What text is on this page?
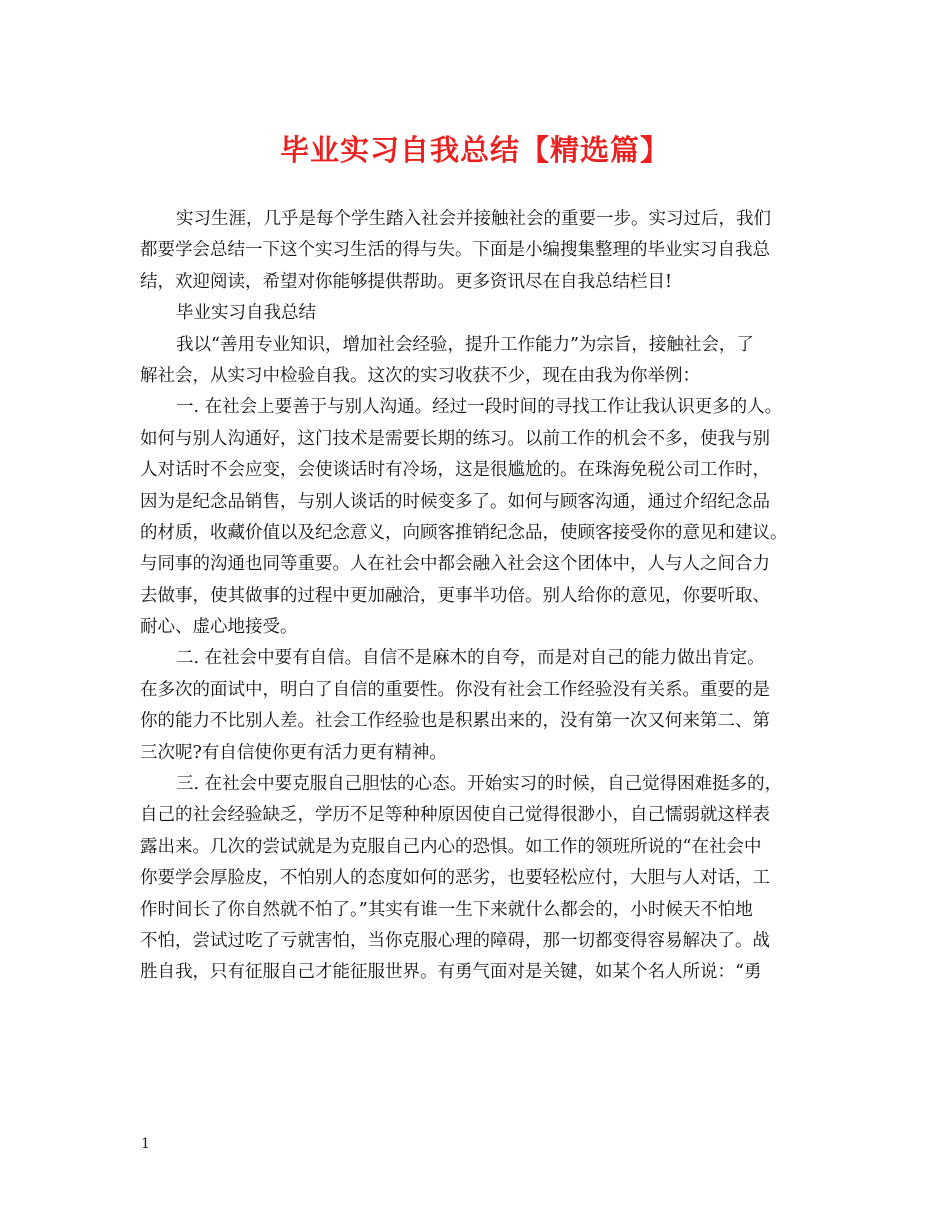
毕业实习自我总结【精选篇】
实习生涯，几乎是每个学生踏入社会并接触社会的重要一步。实习过后，我们
都要学会总结一下这个实习生活的得与失。下面是小编搜集整理的毕业实习自我总
结，欢迎阅读，希望对你能够提供帮助。更多资讯尽在自我总结栏目!
毕业实习自我总结
我以“善用专业知识，增加社会经验，提升工作能力”为宗旨，接触社会，了
解社会，从实习中检验自我。这次的实习收获不少，现在由我为你举例：
一. 在社会上要善于与别人沟通。经过一段时间的寻找工作让我认识更多的人。
如何与别人沟通好，这门技术是需要长期的练习。以前工作的机会不多，使我与别
人对话时不会应变，会使谈话时有冷场，这是很尴尬的。在珠海免税公司工作时，
因为是纪念品销售，与别人谈话的时候变多了。如何与顾客沟通，通过介绍纪念品
的材质，收藏价值以及纪念意义，向顾客推销纪念品，使顾客接受你的意见和建议。
与同事的沟通也同等重要。人在社会中都会融入社会这个团体中，人与人之间合力
去做事，使其做事的过程中更加融洽，更事半功倍。别人给你的意见，你要听取、
耐心、虚心地接受。
二. 在社会中要有自信。自信不是麻木的自夸，而是对自己的能力做出肯定。
在多次的面试中，明白了自信的重要性。你没有社会工作经验没有关系。重要的是
你的能力不比别人差。社会工作经验也是积累出来的，没有第一次又何来第二、第
三次呢?有自信使你更有活力更有精神。
三. 在社会中要克服自己胆怯的心态。开始实习的时候，自己觉得困难挺多的，
自己的社会经验缺乏，学历不足等种种原因使自己觉得很渺小，自己懦弱就这样表
露出来。几次的尝试就是为克服自己内心的恐惧。如工作的领班所说的“在社会中
你要学会厚脸皮，不怕别人的态度如何的恶劣，也要轻松应付，大胆与人对话，工
作时间长了你自然就不怕了。”其实有谁一生下来就什么都会的，小时候天不怕地
不怕，尝试过吃了亏就害怕，当你克服心理的障碍，那一切都变得容易解决了。战
胜自我，只有征服自己才能征服世界。有勇气面对是关键，如某个名人所说：“勇
1
